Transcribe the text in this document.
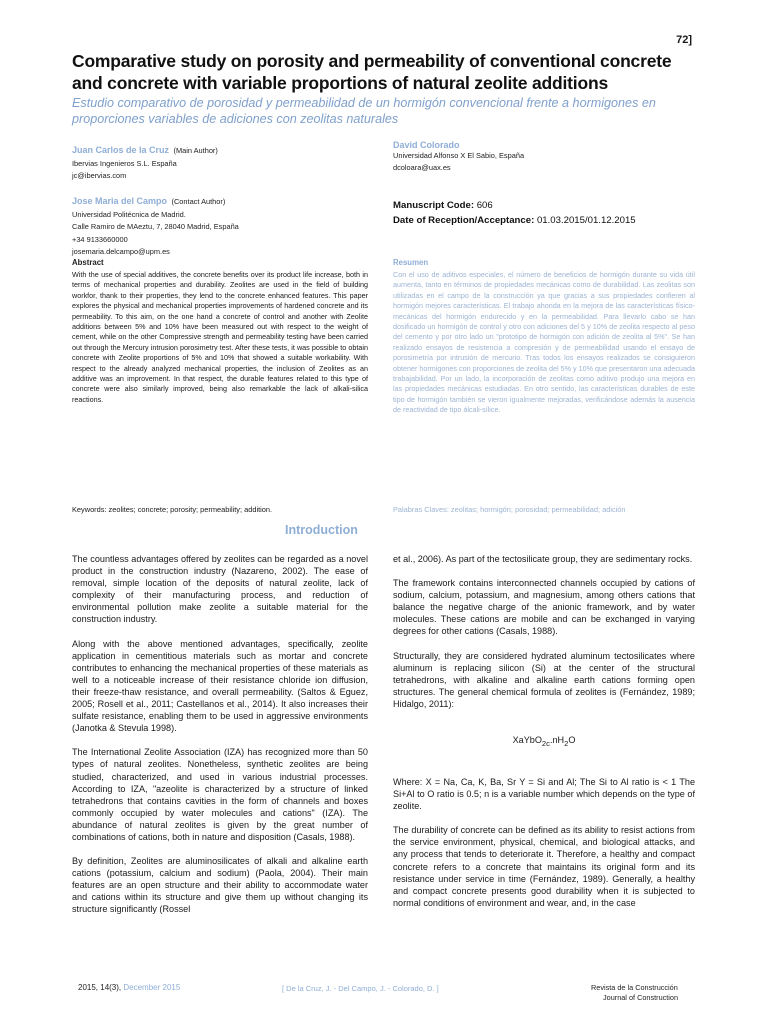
72]
Comparative study on porosity and permeability of conventional concrete and concrete with variable proportions of natural zeolite additions
Estudio comparativo de porosidad y permeabilidad de un hormigón convencional frente a hormigones en proporciones variables de adiciones con zeolitas naturales
Juan Carlos de la Cruz (Main Author)
Ibervias Ingenieros S.L. España
jc@ibervias.com
David Colorado
Universidad Alfonso X El Sabio, España
dcoloara@uax.es
Jose Maria del Campo (Contact Author)
Universidad Politécnica de Madrid.
Calle Ramiro de MAeztu, 7, 28040 Madrid, España
+34 9133660000
josemaria.delcampo@upm.es
Manuscript Code: 606
Date of Reception/Acceptance: 01.03.2015/01.12.2015
Abstract
With the use of special additives, the concrete benefits over its product life increase, both in terms of mechanical properties and durability. Zeolites are used in the field of building workfor, thank to their properties, they lend to the concrete enhanced features. This paper explores the physical and mechanical properties improvements of hardened concrete and its permeability. To this aim, on the one hand a concrete of control and another with Zeolite additions between 5% and 10% have been measured out with respect to the weight of cement, while on the other Compressive strength and permeability testing have been carried out through the Mercury intrusion porosimetry test. After these tests, it was possible to obtain concrete with Zeolite proportions of 5% and 10% that showed a suitable workability. With respect to the already analyzed mechanical properties, the inclusion of Zeolites as an additive was an improvement. In that respect, the durable features related to this type of concrete were also similarly improved, being also remarkable the lack of alkali-silica reactions.
Resumen
Con el uso de aditivos especiales, el número de beneficios de hormigón durante su vida útil aumenta, tanto en términos de propiedades mecánicas como de durabilidad. Las zeolitas son utilizadas en el campo de la construcción ya que gracias a sus propiedades confieren al hormigón mejores características. El trabajo ahonda en la mejora de las características físico-mecánicas del hormigón endurecido y en la permeabilidad. Para llevarlo cabo se han dosificado un hormigón de control y otro con adiciones del 5 y 10% de zeolita respecto al peso del cemento y por otro lado un "prototipo de hormigón con adición de zeolita al 5%". Se han realizado ensayos de resistencia a compresión y de permeabilidad usando el ensayo de porosimetría por intrusión de mercurio. Tras todos los ensayos realizados se consiguieron obtener hormigones con proporciones de zeolita del 5% y 10% que presentaron una adecuada trabajabilidad. Por un lado, la incorporación de zeolitas como aditivo produjo una mejora en las propiedades mecánicas estudiadas. En otro sentido, las características durables de este tipo de hormigón también se vieron igualmente mejoradas, verificándose además la ausencia de reactividad de tipo álcali-sílice.
Keywords: zeolites; concrete; porosity; permeability; addition.	Palabras Claves: zeolitas; hormigón; porosidad; permeabilidad; adición
Introduction

The countless advantages offered by zeolites can be regarded as a novel product in the construction industry (Nazareno, 2002). The ease of removal, simple location of the deposits of natural zeolite, lack of complexity of their manufacturing process, and reduction of environmental pollution make zeolite a suitable material for the construction industry.

Along with the above mentioned advantages, specifically, zeolite application in cementitious materials such as mortar and concrete contributes to enhancing the mechanical properties of these materials as well to a noticeable increase of their resistance chloride ion diffusion, their freeze-thaw resistance, and overall permeability. (Saltos & Eguez, 2005; Rosell et al., 2011; Castellanos et al., 2014). It also increases their sulfate resistance, enabling them to be used in aggressive environments (Janotka & Stevula 1998).

The International Zeolite Association (IZA) has recognized more than 50 types of natural zeolites. Nonetheless, synthetic zeolites are being studied, characterized, and used in various industrial processes. According to IZA, "azeolite is characterized by a structure of linked tetrahedrons that contains cavities in the form of channels and boxes commonly occupied by water molecules and cations" (IZA). The abundance of natural zeolites is given by the great number of combinations of cations, both in nature and disposition (Casals, 1988).

By definition, Zeolites are aluminosilicates of alkali and alkaline earth cations (potassium, calcium and sodium) (Paola, 2004). Their main features are an open structure and their ability to accommodate water and cations within its structure and give them up without changing its structure significantly (Rossel

et al., 2006). As part of the tectosilicate group, they are sedimentary rocks.

The framework contains interconnected channels occupied by cations of sodium, calcium, potassium, and magnesium, among others cations that balance the negative charge of the anionic framework, and by water molecules. These cations are mobile and can be exchanged in varying degrees for other cations (Casals, 1988).

Structurally, they are considered hydrated aluminum tectosilicates where aluminum is replacing silicon (Si) at the center of the structural tetrahedrons, with alkaline and alkaline earth cations forming open structures. The general chemical formula of zeolites is (Fernández, 1989; Hidalgo, 2011):

$XaYbO_{2c}.nH_2O$

Where: X = Na, Ca, K, Ba, Sr Y = Si and Al; The Si to Al ratio is < 1 The Si+Al to O ratio is 0.5; n is a variable number which depends on the type of zeolite.

The durability of concrete can be defined as its ability to resist actions from the service environment, physical, chemical, and biological attacks, and any process that tends to deteriorate it. Therefore, a healthy and compact concrete refers to a concrete that maintains its original form and its resistance under service in time (Fernández, 1989). Generally, a healthy and compact concrete presents good durability when it is subjected to normal conditions of environment and wear, and, in the case

2015, 14(3), December 2015	[ De la Cruz, J. - Del Campo, J. - Colorado, D. ]	Revista de la Construcción
Journal of Construction
